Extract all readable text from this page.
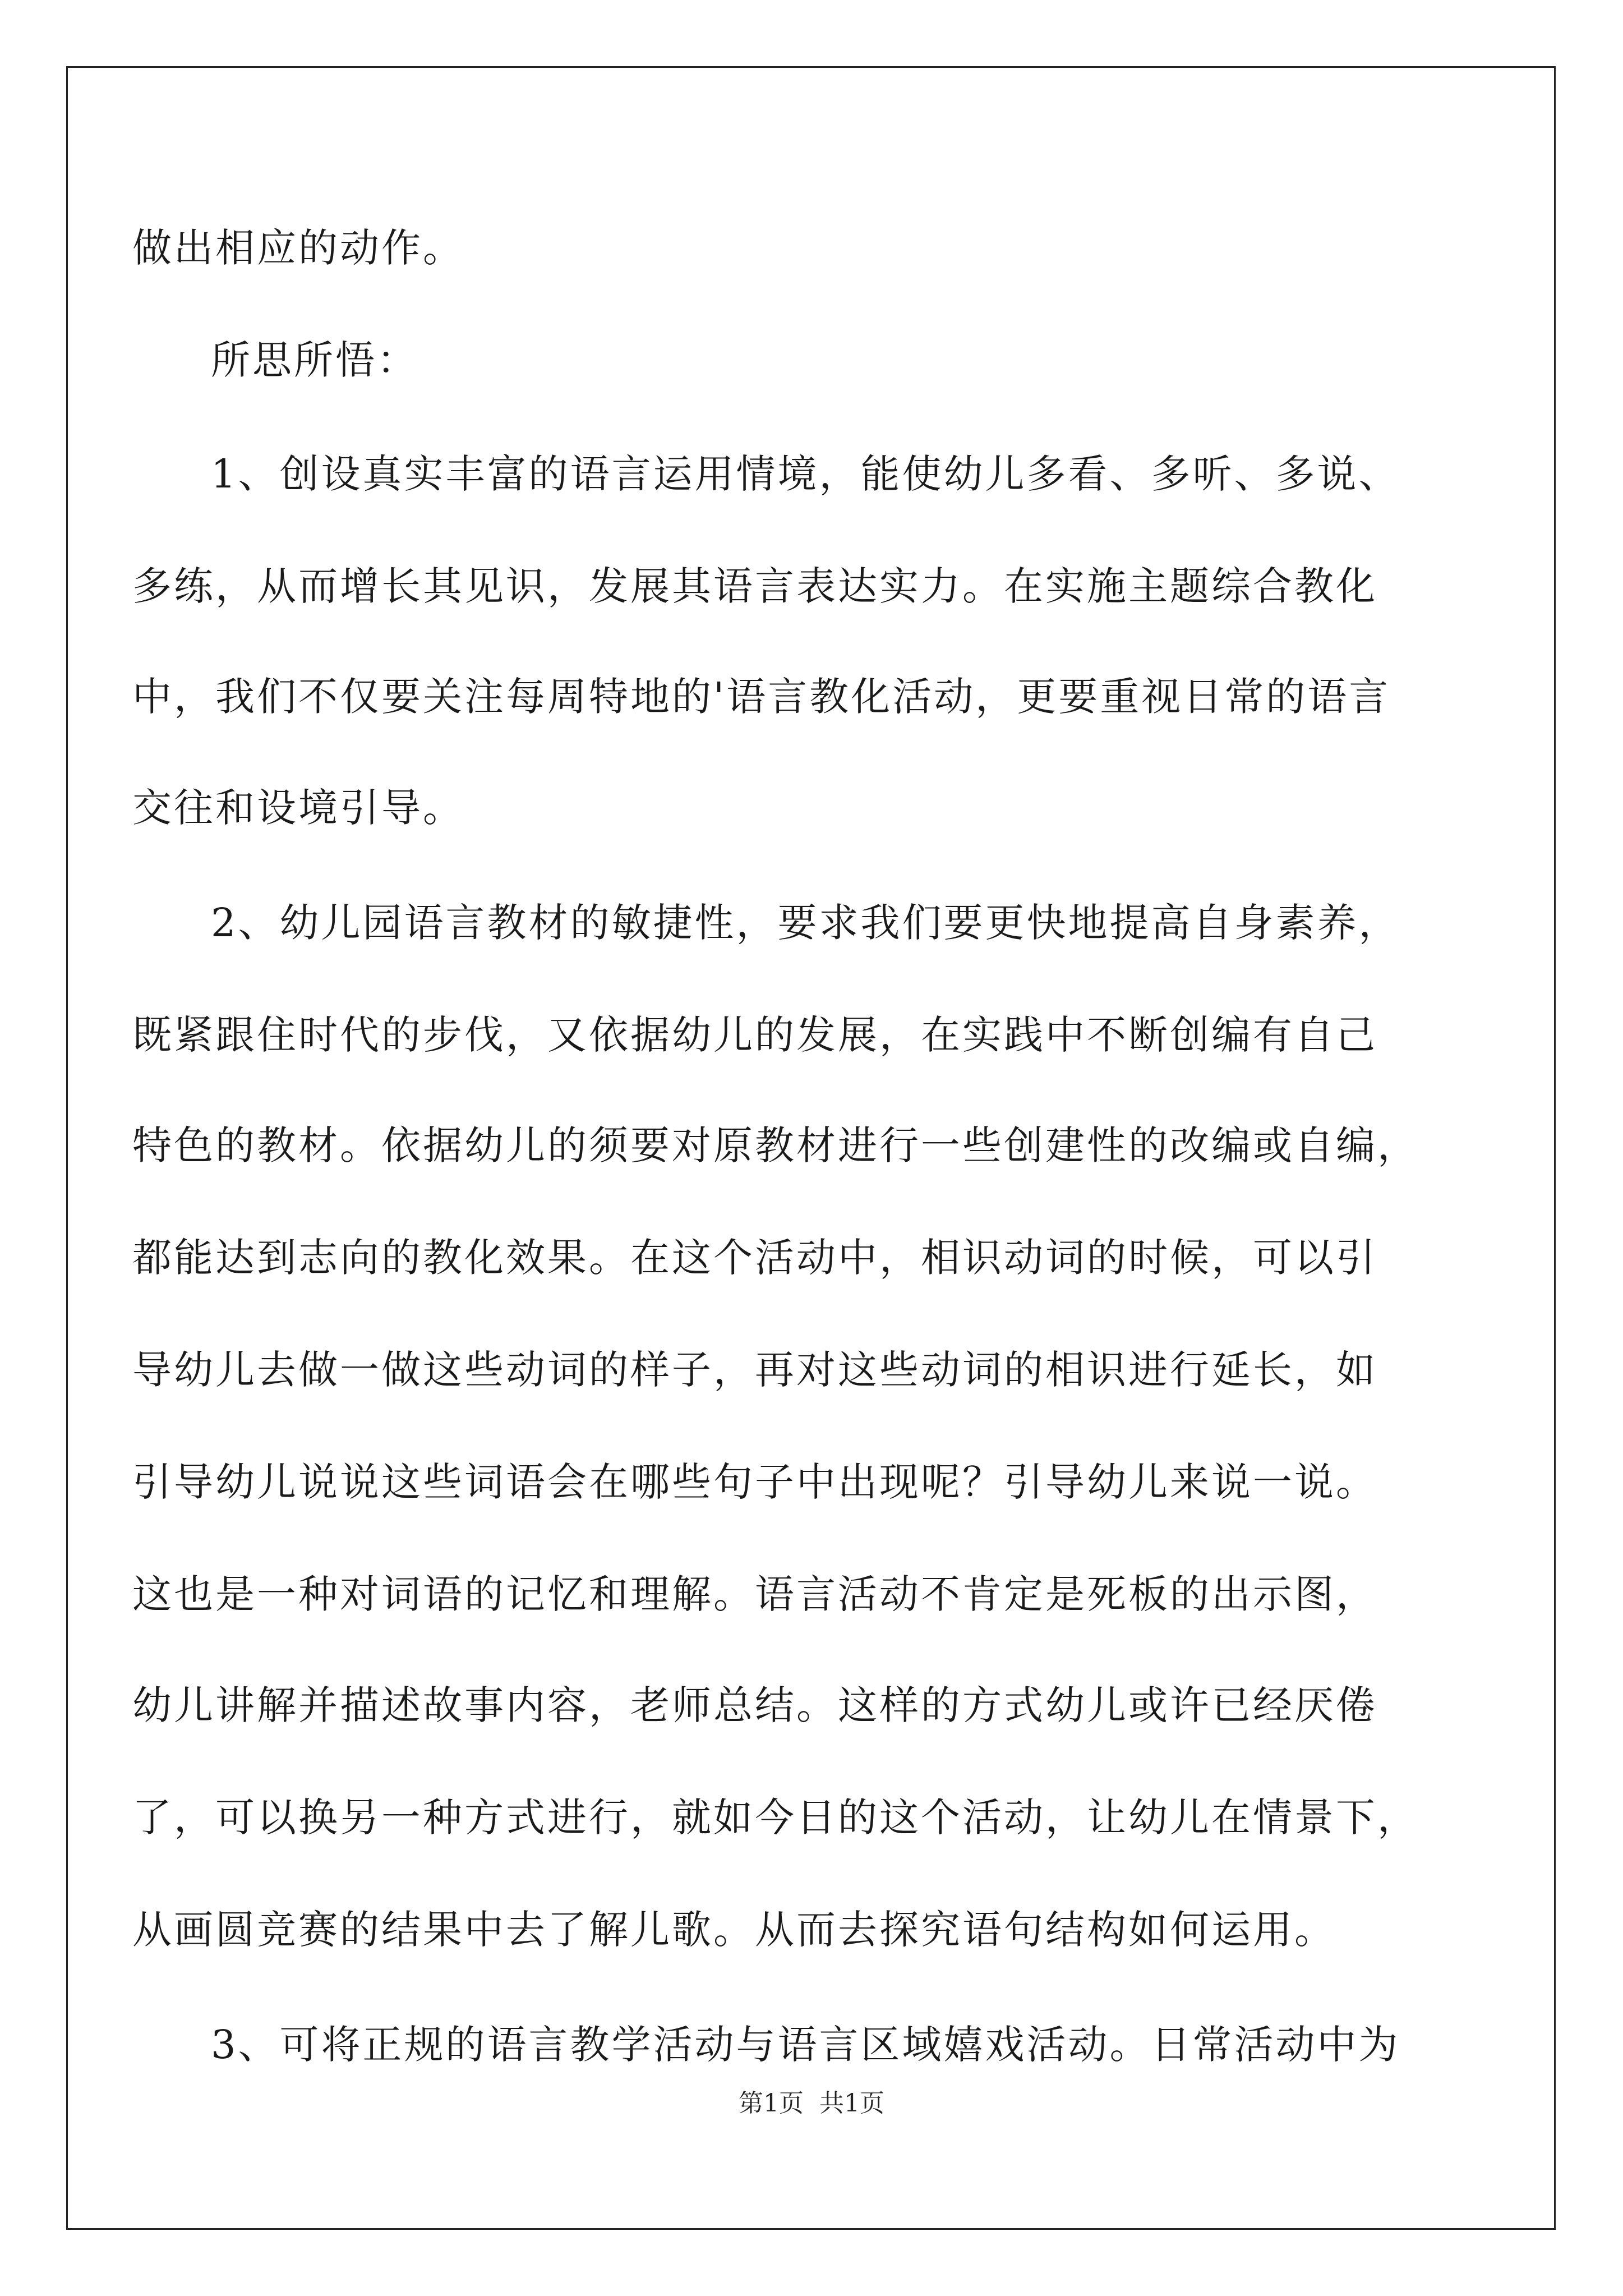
做出相应的动作。
所思所悟：
1、创设真实丰富的语言运用情境，能使幼儿多看、多听、多说、
多练，从而增长其见识，发展其语言表达实力。在实施主题综合教化
中，我们不仅要关注每周特地的'语言教化活动，更要重视日常的语言
交往和设境引导。
2、幼儿园语言教材的敏捷性，要求我们要更快地提高自身素养，
既紧跟住时代的步伐，又依据幼儿的发展，在实践中不断创编有自己
特色的教材。依据幼儿的须要对原教材进行一些创建性的改编或自编，
都能达到志向的教化效果。在这个活动中，相识动词的时候，可以引
导幼儿去做一做这些动词的样子，再对这些动词的相识进行延长，如
引导幼儿说说这些词语会在哪些句子中出现呢？引导幼儿来说一说。
这也是一种对词语的记忆和理解。语言活动不肯定是死板的出示图，
幼儿讲解并描述故事内容，老师总结。这样的方式幼儿或许已经厌倦
了，可以换另一种方式进行，就如今日的这个活动，让幼儿在情景下，
从画圆竞赛的结果中去了解儿歌。从而去探究语句结构如何运用。
3、可将正规的语言教学活动与语言区域嬉戏活动。日常活动中为
第1页 共1页
